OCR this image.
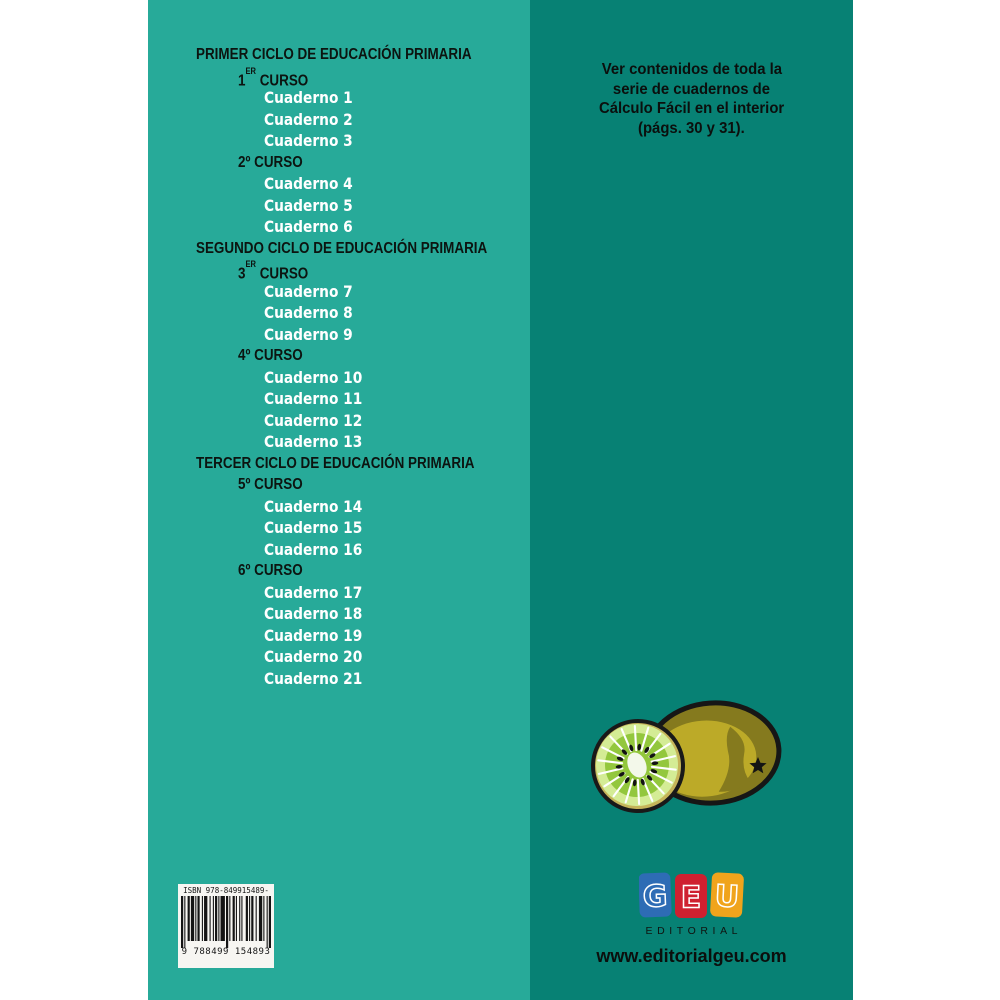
PRIMER CICLO DE EDUCACIÓN PRIMARIA
1ER CURSO
Cuaderno 1
Cuaderno 2
Cuaderno 3
2º CURSO
Cuaderno 4
Cuaderno 5
Cuaderno 6
SEGUNDO CICLO DE EDUCACIÓN PRIMARIA
3ER CURSO
Cuaderno 7
Cuaderno 8
Cuaderno 9
4º CURSO
Cuaderno 10
Cuaderno 11
Cuaderno 12
Cuaderno 13
TERCER CICLO DE EDUCACIÓN PRIMARIA
5º CURSO
Cuaderno 14
Cuaderno 15
Cuaderno 16
6º CURSO
Cuaderno 17
Cuaderno 18
Cuaderno 19
Cuaderno 20
Cuaderno 21
Ver contenidos de toda la
serie de cuadernos de
Cálculo Fácil en el interior
(págs. 30 y 31).
G E U
EDITORIAL
www.editorialgeu.com
ISBN 978-849915489-
9 788499 154893
